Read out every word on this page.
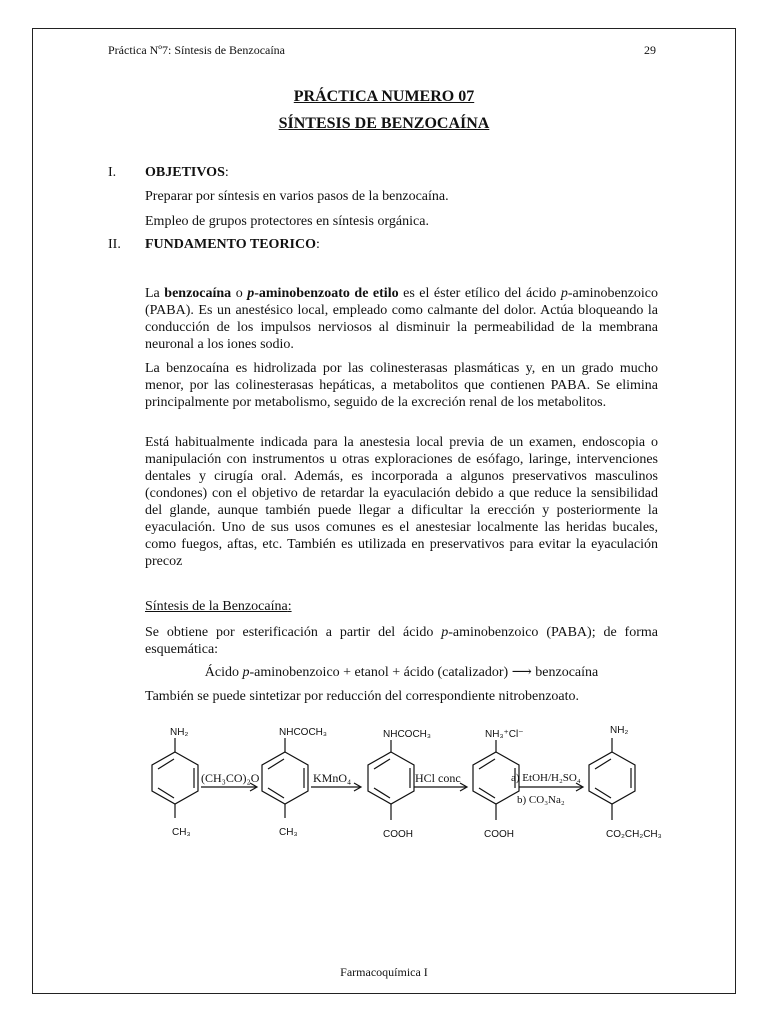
Práctica Nº7: Síntesis de Benzocaína	29
PRÁCTICA NUMERO 07
SÍNTESIS DE BENZOCAÍNA
I. OBJETIVOS:
Preparar por síntesis en varios pasos de la benzocaína.
Empleo de grupos protectores en síntesis orgánica.
II. FUNDAMENTO TEORICO:

La benzocaína o p-aminobenzoato de etilo es el éster etílico del ácido p-aminobenzoico (PABA). Es un anestésico local, empleado como calmante del dolor. Actúa bloqueando la conducción de los impulsos nerviosos al disminuir la permeabilidad de la membrana neuronal a los iones sodio.

La benzocaína es hidrolizada por las colinesterasas plasmáticas y, en un grado mucho menor, por las colinesterasas hepáticas, a metabolitos que contienen PABA. Se elimina principalmente por metabolismo, seguido de la excreción renal de los metabolitos.

Está habitualmente indicada para la anestesia local previa de un examen, endoscopia o manipulación con instrumentos u otras exploraciones de esófago, laringe, intervenciones dentales y cirugía oral. Además, es incorporada a algunos preservativos masculinos (condones) con el objetivo de retardar la eyaculación debido a que reduce la sensibilidad del glande, aunque también puede llegar a dificultar la erección y posteriormente la eyaculación. Uno de sus usos comunes es el anestesiar localmente las heridas bucales, como fuegos, aftas, etc. También es utilizada en preservativos para evitar la eyaculación precoz

Síntesis de la Benzocaína:

Se obtiene por esterificación a partir del ácido p-aminobenzoico (PABA); de forma esquemática:

Ácido p-aminobenzoico + etanol + ácido (catalizador) ⟶ benzocaína
También se puede sintetizar por reducción del correspondiente nitrobenzoato.
NH₂
CH₃
NHCOCH₃
CH₃
NHCOCH₃
COOH
NH₃⁺Cl⁻
COOH
NH₂
CO₂CH₂CH₃
(CH₃CO)₂O	KMnO₄	HCl conc	a) EtOH/H₂SO₄
b) CO₃Na₂
Farmacoquímica I
